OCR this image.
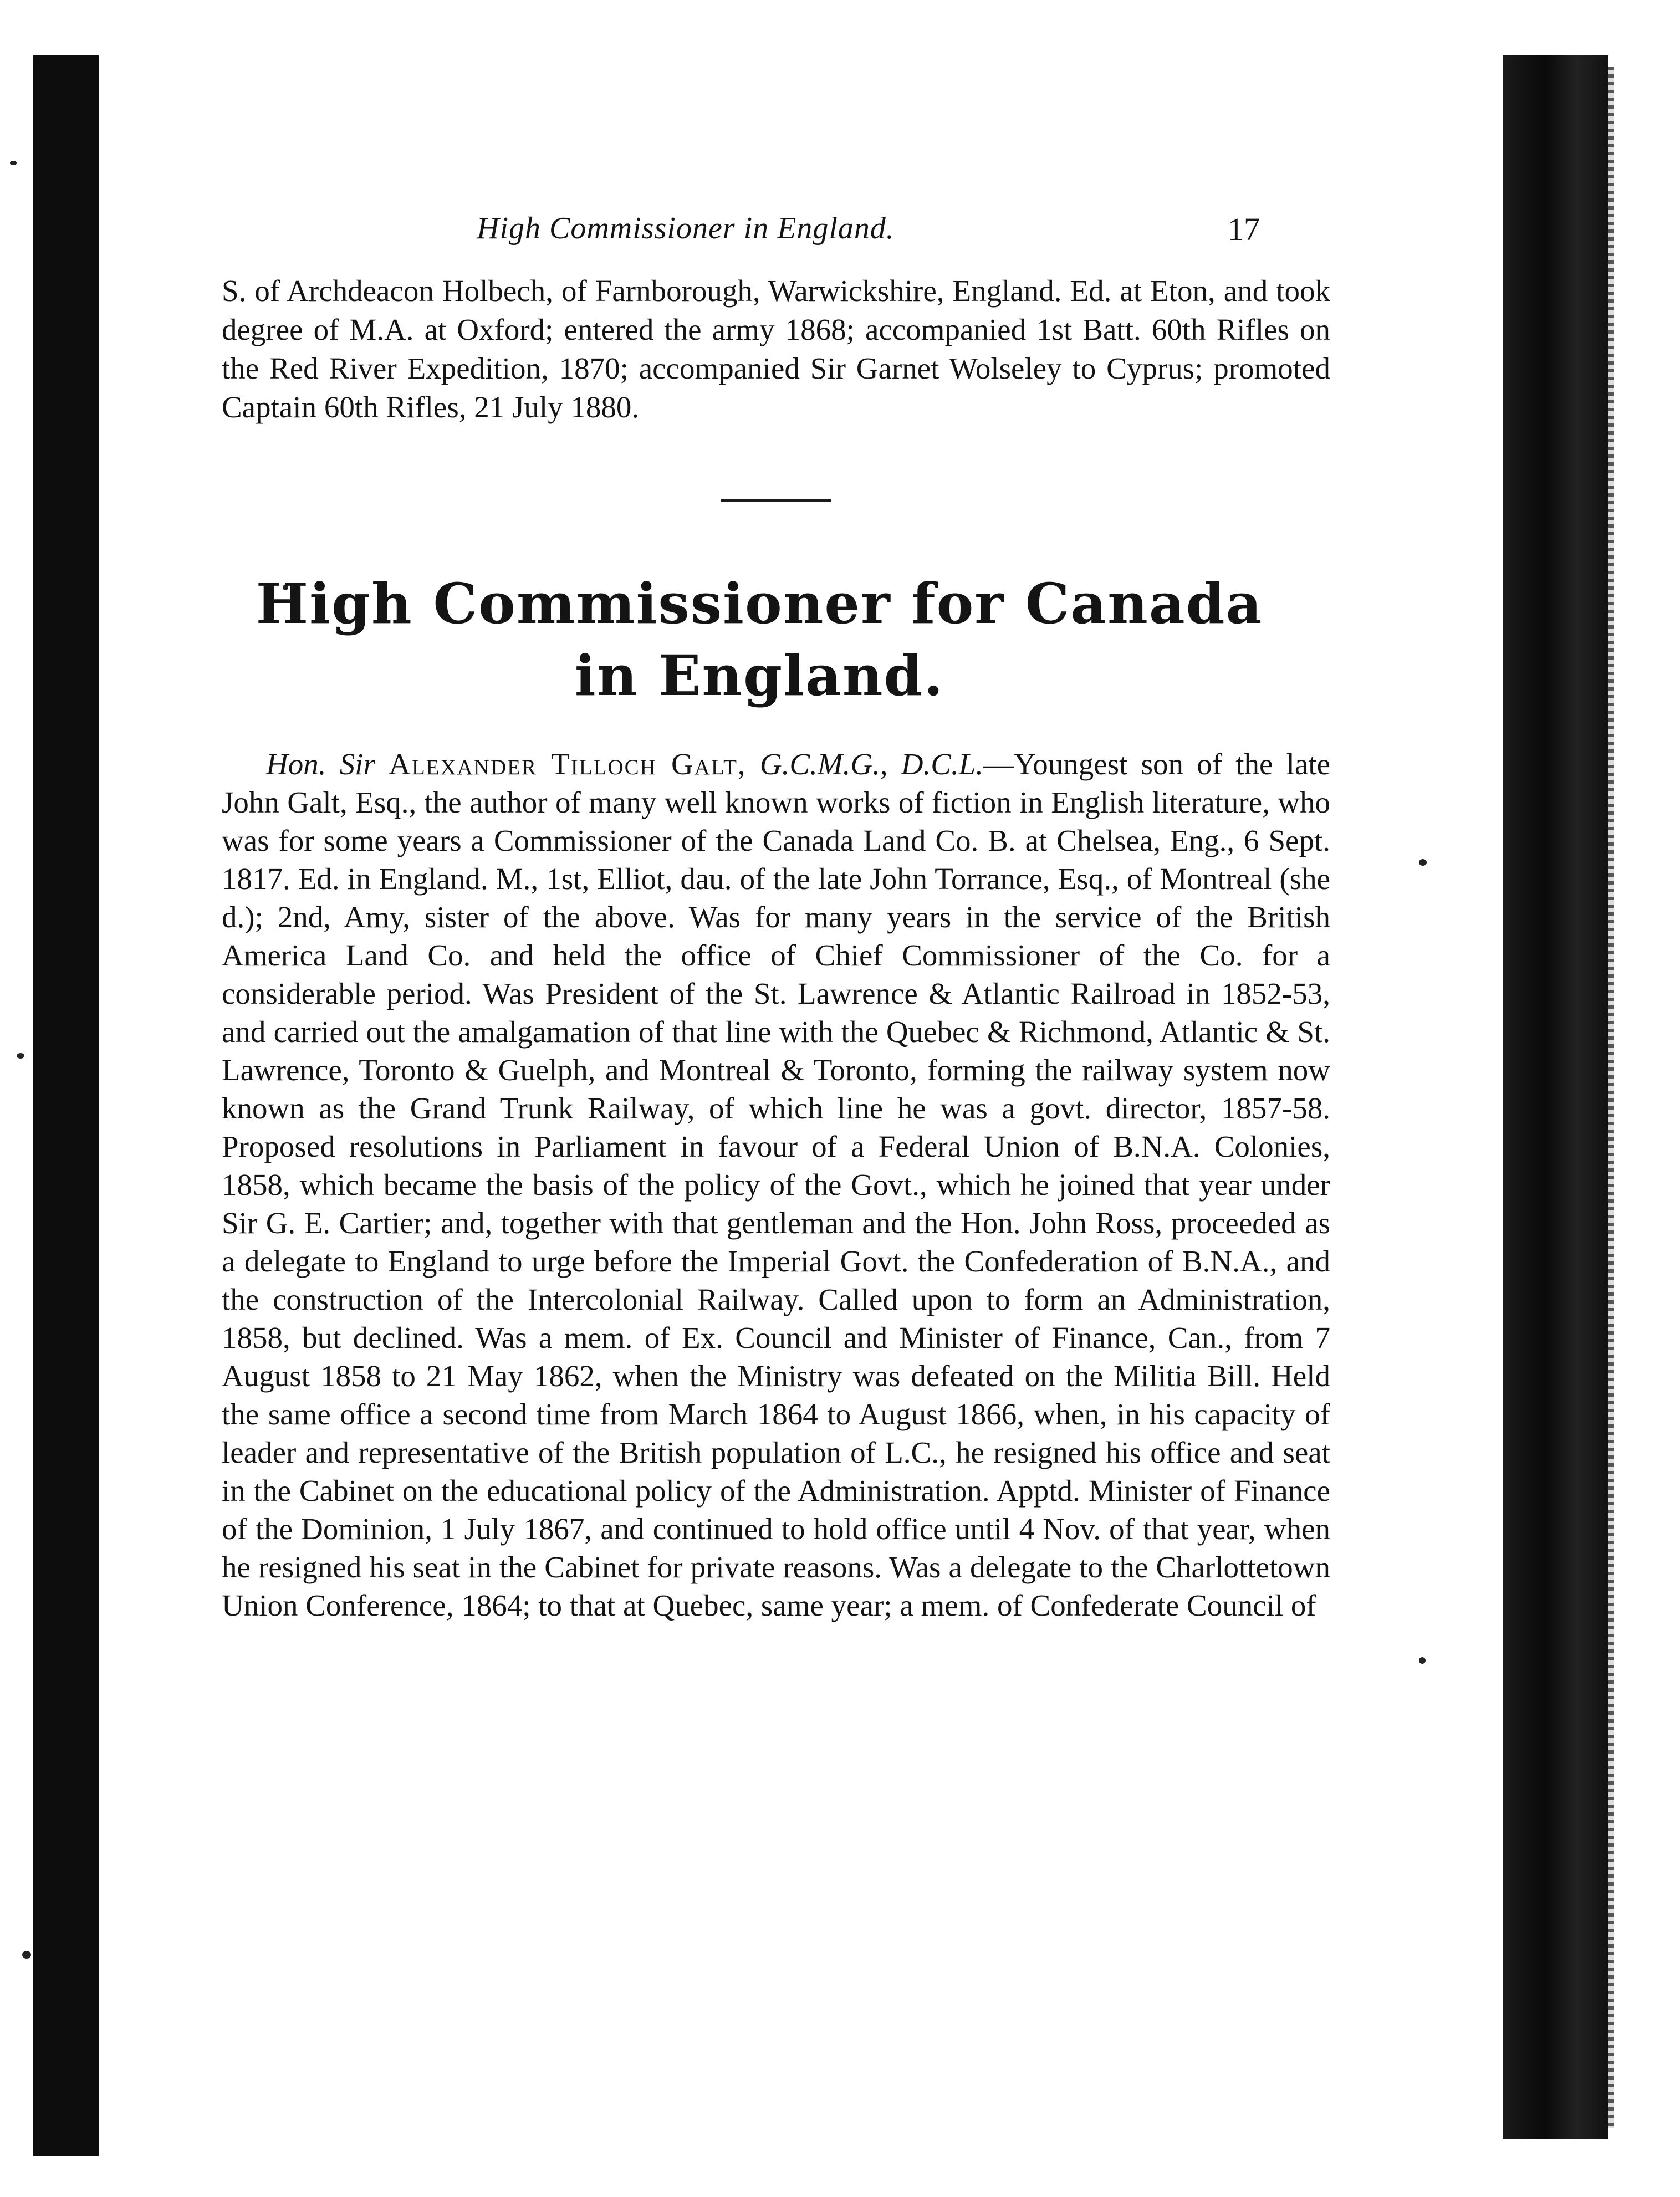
High Commissioner in England.	17

S. of Archdeacon Holbech, of Farnborough, Warwickshire, England. Ed. at Eton, and took degree of M.A. at Oxford; entered the army 1868; accompanied 1st Batt. 60th Rifles on the Red River Expedition, 1870; accompanied Sir Garnet Wolseley to Cyprus; promoted Captain 60th Rifles, 21 July 1880.

High Commissioner for Canada in England.

Hon. Sir Alexander Tilloch Galt, G.C.M.G., D.C.L.—Youngest son of the late John Galt, Esq., the author of many well known works of fiction in English literature, who was for some years a Commissioner of the Canada Land Co. B. at Chelsea, Eng., 6 Sept. 1817. Ed. in England. M., 1st, Elliot, dau. of the late John Torrance, Esq., of Montreal (she d.); 2nd, Amy, sister of the above. Was for many years in the service of the British America Land Co. and held the office of Chief Commissioner of the Co. for a considerable period. Was President of the St. Lawrence & Atlantic Railroad in 1852-53, and carried out the amalgamation of that line with the Quebec & Richmond, Atlantic & St. Lawrence, Toronto & Guelph, and Montreal & Toronto, forming the railway system now known as the Grand Trunk Railway, of which line he was a govt. director, 1857-58. Proposed resolutions in Parliament in favour of a Federal Union of B.N.A. Colonies, 1858, which became the basis of the policy of the Govt., which he joined that year under Sir G. E. Cartier; and, together with that gentleman and the Hon. John Ross, proceeded as a delegate to England to urge before the Imperial Govt. the Confederation of B.N.A., and the construction of the Intercolonial Railway. Called upon to form an Administration, 1858, but declined. Was a mem. of Ex. Council and Minister of Finance, Can., from 7 August 1858 to 21 May 1862, when the Ministry was defeated on the Militia Bill. Held the same office a second time from March 1864 to August 1866, when, in his capacity of leader and representative of the British population of L.C., he resigned his office and seat in the Cabinet on the educational policy of the Administration. Apptd. Minister of Finance of the Dominion, 1 July 1867, and continued to hold office until 4 Nov. of that year, when he resigned his seat in the Cabinet for private reasons. Was a delegate to the Charlottetown Union Conference, 1864; to that at Quebec, same year; a mem. of Confederate Council of
